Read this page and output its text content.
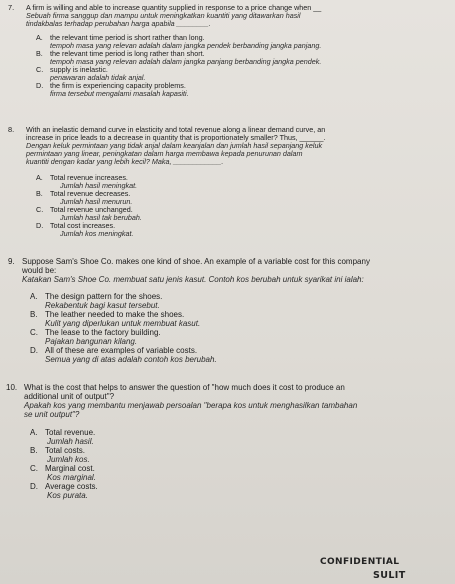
7. A firm is willing and able to increase quantity supplied in response to a price change when __
Sebuah firma sanggup dan mampu untuk meningkatkan kuantiti yang ditawarkan hasil
tindakbalas terhadap perubahan harga apabila ________.
A. the relevant time period is short rather than long.
tempoh masa yang relevan adalah dalam jangka pendek berbanding jangka panjang.
B. the relevant time period is long rather than short.
tempoh masa yang relevan adalah dalam jangka panjang berbanding jangka pendek.
C. supply is inelastic.
penawaran adalah tidak anjal.
D. the firm is experiencing capacity problems.
firma tersebut mengalami masalah kapasiti.
8. With an inelastic demand curve in elasticity and total revenue along a linear demand curve, an
increase in price leads to a decrease in quantity that is proportionately smaller? Thus, ______.
Dengan keluk permintaan yang tidak anjal dalam keanjalan dan jumlah hasil sepanjang keluk
permintaan yang linear, peningkatan dalam harga membawa kepada penurunan dalam
kuantiti dengan kadar yang lebih kecil? Maka, ____________.
A. Total revenue increases.
Jumlah hasil meningkat.
B. Total revenue decreases.
Jumlah hasil menurun.
C. Total revenue unchanged.
Jumlah hasil tak berubah.
D. Total cost increases.
Jumlah kos meningkat.
9. Suppose Sam's Shoe Co. makes one kind of shoe. An example of a variable cost for this company
would be:
Katakan Sam's Shoe Co. membuat satu jenis kasut. Contoh kos berubah untuk syarikat ini ialah:
A. The design pattern for the shoes.
Rekabentuk bagi kasut tersebut.
B. The leather needed to make the shoes.
Kulit yang diperlukan untuk membuat kasut.
C. The lease to the factory building.
Pajakan bangunan kilang.
D. All of these are examples of variable costs.
Semua yang di atas adalah contoh kos berubah.
10. What is the cost that helps to answer the question of "how much does it cost to produce an
additional unit of output"?
Apakah kos yang membantu menjawab persoalan "berapa kos untuk menghasilkan tambahan
se unit output"?
A. Total revenue.
Jumlah hasil.
B. Total costs.
Jumlah kos.
C. Marginal cost.
Kos marginal.
D. Average costs.
Kos purata.
CONFIDENTIAL
SULIT
